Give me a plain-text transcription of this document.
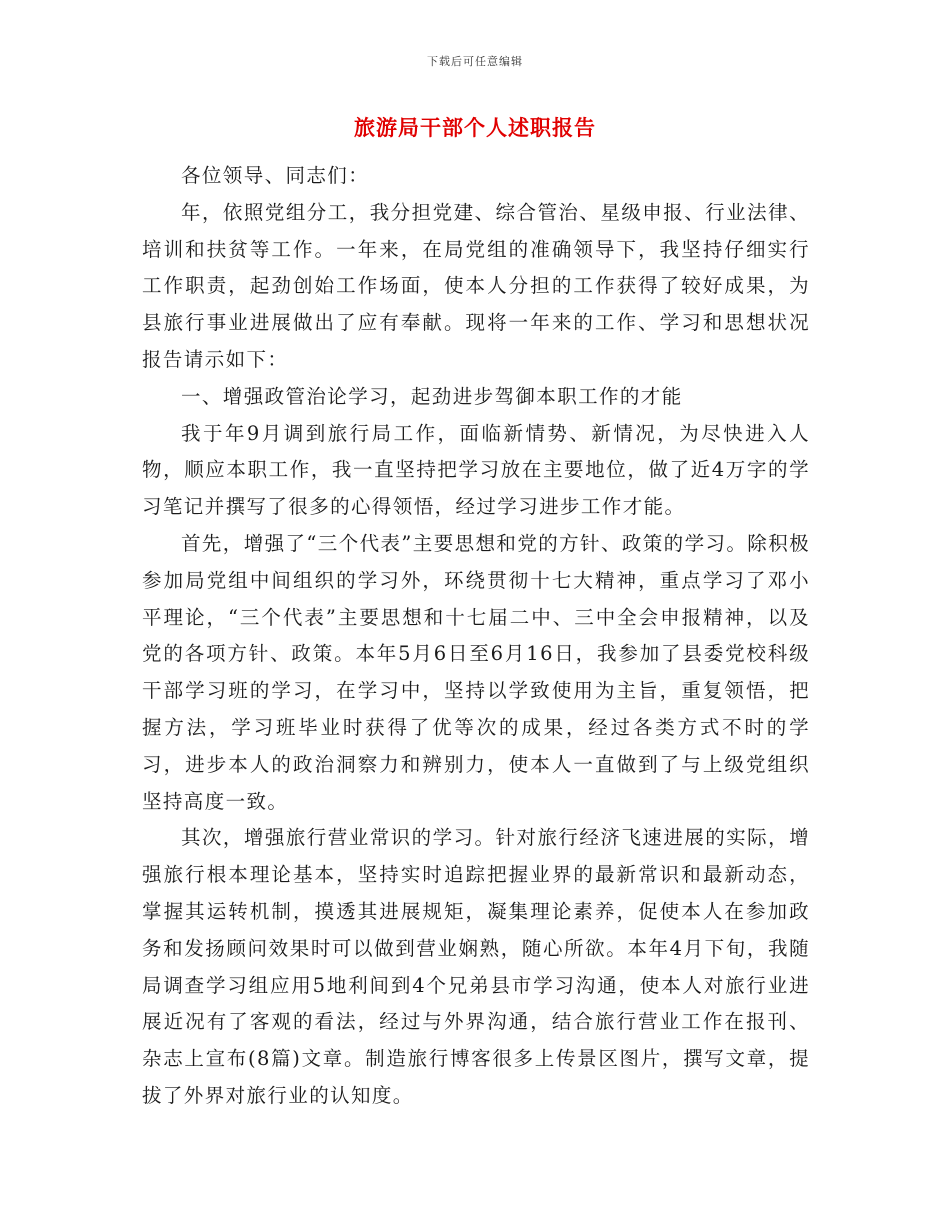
下载后可任意编辑
旅游局干部个人述职报告

各位领导、同志们：

年，依照党组分工，我分担党建、综合管治、星级申报、行业法律、培训和扶贫等工作。一年来，在局党组的准确领导下，我坚持仔细实行工作职责，起劲创始工作场面，使本人分担的工作获得了较好成果，为县旅行事业进展做出了应有奉献。现将一年来的工作、学习和思想状况报告请示如下：

一、增强政管治论学习，起劲进步驾御本职工作的才能

我于年9月调到旅行局工作，面临新情势、新情况，为尽快进入人物，顺应本职工作，我一直坚持把学习放在主要地位，做了近4万字的学习笔记并撰写了很多的心得领悟，经过学习进步工作才能。

首先，增强了“三个代表”主要思想和党的方针、政策的学习。除积极参加局党组中间组织的学习外，环绕贯彻十七大精神，重点学习了邓小平理论，“三个代表”主要思想和十七届二中、三中全会申报精神，以及党的各项方针、政策。本年5月6日至6月16日，我参加了县委党校科级干部学习班的学习，在学习中，坚持以学致使用为主旨，重复领悟，把握方法，学习班毕业时获得了优等次的成果，经过各类方式不时的学习，进步本人的政治洞察力和辨别力，使本人一直做到了与上级党组织坚持高度一致。

其次，增强旅行营业常识的学习。针对旅行经济飞速进展的实际，增强旅行根本理论基本，坚持实时追踪把握业界的最新常识和最新动态，掌握其运转机制，摸透其进展规矩，凝集理论素养，促使本人在参加政务和发扬顾问效果时可以做到营业娴熟，随心所欲。本年4月下旬，我随局调查学习组应用5地利间到4个兄弟县市学习沟通，使本人对旅行业进展近况有了客观的看法，经过与外界沟通，结合旅行营业工作在报刊、杂志上宣布(8篇)文章。制造旅行博客很多上传景区图片，撰写文章，提拔了外界对旅行业的认知度。
